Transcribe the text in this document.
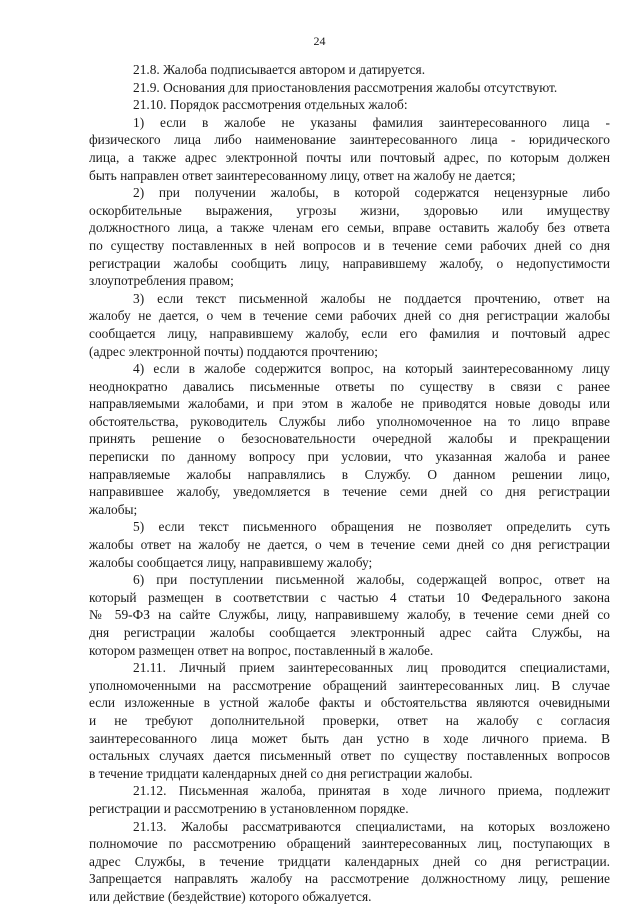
24

21.8. Жалоба подписывается автором и датируется.

21.9. Основания для приостановления рассмотрения жалобы отсутствуют.

21.10. Порядок рассмотрения отдельных жалоб:

1) если в жалобе не указаны фамилия заинтересованного лица -
физического лица либо наименование заинтересованного лица - юридического
лица, а также адрес электронной почты или почтовый адрес, по которым должен
быть направлен ответ заинтересованному лицу, ответ на жалобу не дается;

2) при получении жалобы, в которой содержатся нецензурные либо
оскорбительные выражения, угрозы жизни, здоровью или имуществу
должностного лица, а также членам его семьи, вправе оставить жалобу без ответа
по существу поставленных в ней вопросов и в течение семи рабочих дней со дня
регистрации жалобы сообщить лицу, направившему жалобу, о недопустимости
злоупотребления правом;

3) если текст письменной жалобы не поддается прочтению, ответ на
жалобу не дается, о чем в течение семи рабочих дней со дня регистрации жалобы
сообщается лицу, направившему жалобу, если его фамилия и почтовый адрес
(адрес электронной почты) поддаются прочтению;

4) если в жалобе содержится вопрос, на который заинтересованному лицу
неоднократно давались письменные ответы по существу в связи с ранее
направляемыми жалобами, и при этом в жалобе не приводятся новые доводы или
обстоятельства, руководитель Службы либо уполномоченное на то лицо вправе
принять решение о безосновательности очередной жалобы и прекращении
переписки по данному вопросу при условии, что указанная жалоба и ранее
направляемые жалобы направлялись в Службу. О данном решении лицо,
направившее жалобу, уведомляется в течение семи дней со дня регистрации
жалобы;

5) если текст письменного обращения не позволяет определить суть
жалобы ответ на жалобу не дается, о чем в течение семи дней со дня регистрации
жалобы сообщается лицу, направившему жалобу;

6) при поступлении письменной жалобы, содержащей вопрос, ответ на
который размещен в соответствии с частью 4 статьи 10 Федерального закона
№ 59-ФЗ на сайте Службы, лицу, направившему жалобу, в течение семи дней со
дня регистрации жалобы сообщается электронный адрес сайта Службы, на
котором размещен ответ на вопрос, поставленный в жалобе.

21.11. Личный прием заинтересованных лиц проводится специалистами,
уполномоченными на рассмотрение обращений заинтересованных лиц. В случае
если изложенные в устной жалобе факты и обстоятельства являются очевидными
и не требуют дополнительной проверки, ответ на жалобу с согласия
заинтересованного лица может быть дан устно в ходе личного приема. В
остальных случаях дается письменный ответ по существу поставленных вопросов
в течение тридцати календарных дней со дня регистрации жалобы.

21.12. Письменная жалоба, принятая в ходе личного приема, подлежит
регистрации и рассмотрению в установленном порядке.

21.13. Жалобы рассматриваются специалистами, на которых возложено
полномочие по рассмотрению обращений заинтересованных лиц, поступающих в
адрес Службы, в течение тридцати календарных дней со дня регистрации.
Запрещается направлять жалобу на рассмотрение должностному лицу, решение
или действие (бездействие) которого обжалуется.
